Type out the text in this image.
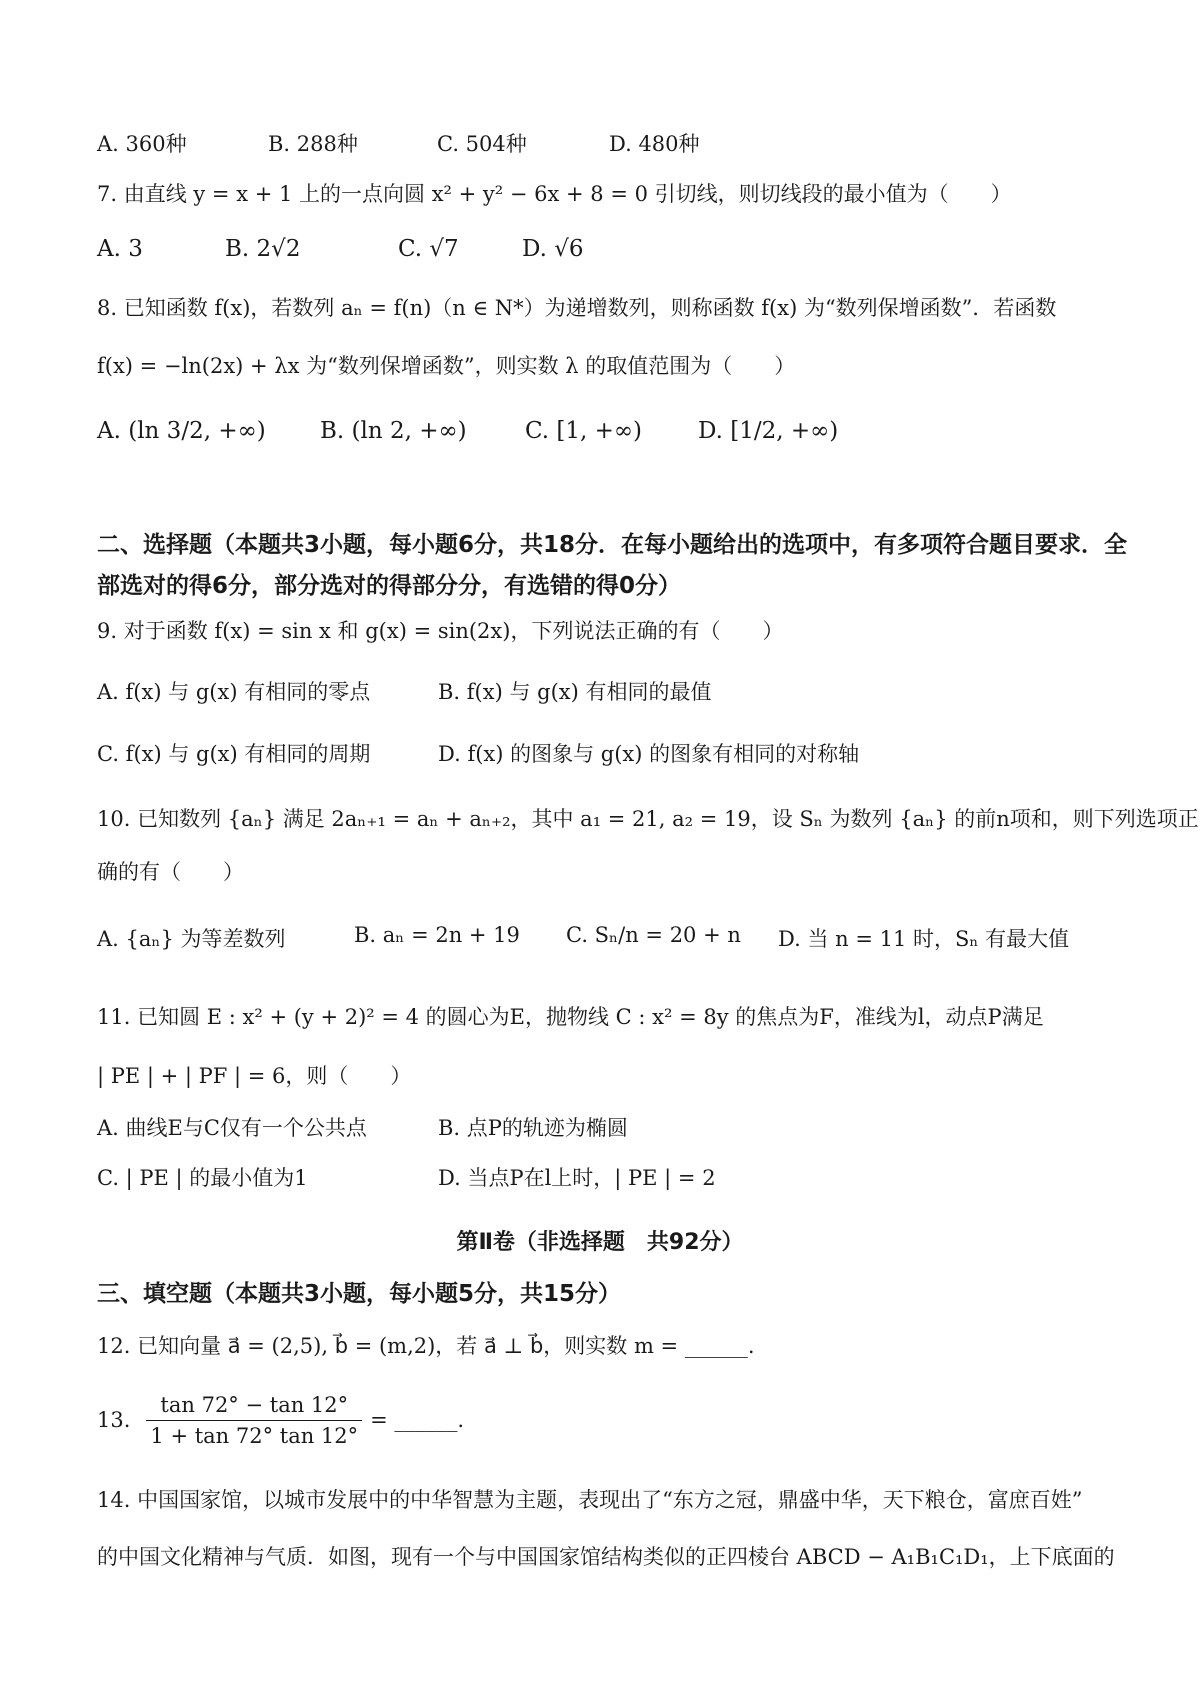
A. 360种	B. 288种	C. 504种	D. 480种
7. 由直线 y = x + 1 上的一点向圆 x² + y² − 6x + 8 = 0 引切线，则切线段的最小值为（　　）
A. 3	B. 2√2	C. √7	D. √6
8. 已知函数 f(x)，若数列 aₙ = f(n)（n ∈ N*）为递增数列，则称函数 f(x) 为“数列保增函数”．若函数
f(x) = −ln(2x) + λx 为“数列保增函数”，则实数 λ 的取值范围为（　　）
A. (ln 3/2, +∞) B. (ln 2, +∞)	C. [1, +∞) D. [1/2, +∞)
二、选择题（本题共3小题，每小题6分，共18分．在每小题给出的选项中，有多项符合题目要求．全
部选对的得6分，部分选对的得部分分，有选错的得0分）
9. 对于函数 f(x) = sin x 和 g(x) = sin(2x)，下列说法正确的有（　　）
A. f(x) 与 g(x) 有相同的零点	B. f(x) 与 g(x) 有相同的最值
C. f(x) 与 g(x) 有相同的周期	D. f(x) 的图象与 g(x) 的图象有相同的对称轴
10. 已知数列 {aₙ} 满足 2aₙ₊₁ = aₙ + aₙ₊₂，其中 a₁ = 21, a₂ = 19，设 Sₙ 为数列 {aₙ} 的前n项和，则下列选项正
确的有（　　）
A. {aₙ} 为等差数列	B. aₙ = 2n + 19 C. Sₙ/n = 20 + n D. 当 n = 11 时，Sₙ 有最大值
11. 已知圆 E : x² + (y + 2)² = 4 的圆心为E，抛物线 C : x² = 8y 的焦点为F，准线为l，动点P满足
| PE | + | PF | = 6，则（　　）
A. 曲线E与C仅有一个公共点	B. 点P的轨迹为椭圆
C. | PE | 的最小值为1	D. 当点P在l上时，| PE | = 2
第Ⅱ卷（非选择题　共92分）
三、填空题（本题共3小题，每小题5分，共15分）
12. 已知向量 a⃗ = (2,5), b⃗ = (m,2)，若 a⃗ ⊥ b⃗，则实数 m = ______.
13.
tan 72° − tan 12°
1 + tan 72° tan 12°
= ______.
14. 中国国家馆，以城市发展中的中华智慧为主题，表现出了“东方之冠，鼎盛中华，天下粮仓，富庶百姓”
的中国文化精神与气质．如图，现有一个与中国国家馆结构类似的正四棱台 ABCD − A₁B₁C₁D₁，上下底面的
